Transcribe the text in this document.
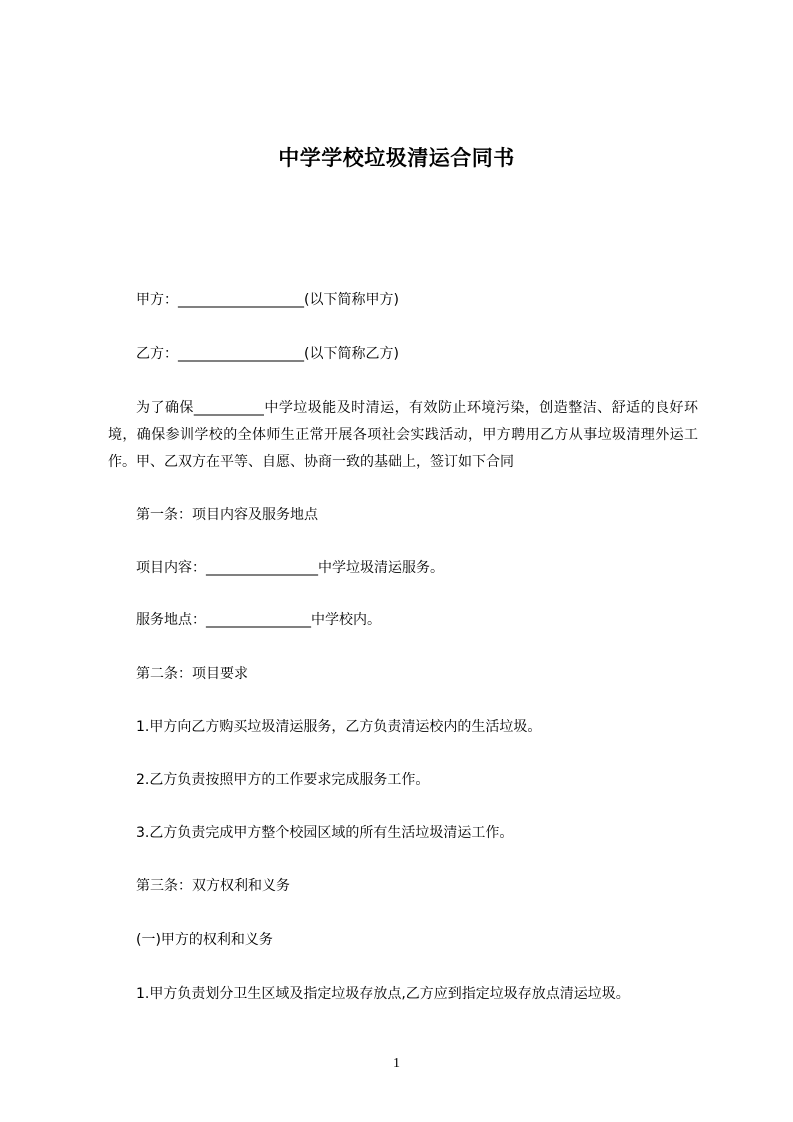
中学学校垃圾清运合同书
甲方：__________________(以下简称甲方)
乙方：__________________(以下简称乙方)
为了确保__________中学垃圾能及时清运，有效防止环境污染，创造整洁、舒适的良好环境，确保参训学校的全体师生正常开展各项社会实践活动，甲方聘用乙方从事垃圾清理外运工作。甲、乙双方在平等、自愿、协商一致的基础上，签订如下合同
第一条：项目内容及服务地点
项目内容：________________中学垃圾清运服务。
服务地点：_______________中学校内。
第二条：项目要求
1.甲方向乙方购买垃圾清运服务，乙方负责清运校内的生活垃圾。
2.乙方负责按照甲方的工作要求完成服务工作。
3.乙方负责完成甲方整个校园区域的所有生活垃圾清运工作。
第三条：双方权利和义务
(一)甲方的权利和义务
1.甲方负责划分卫生区域及指定垃圾存放点,乙方应到指定垃圾存放点清运垃圾。
1
